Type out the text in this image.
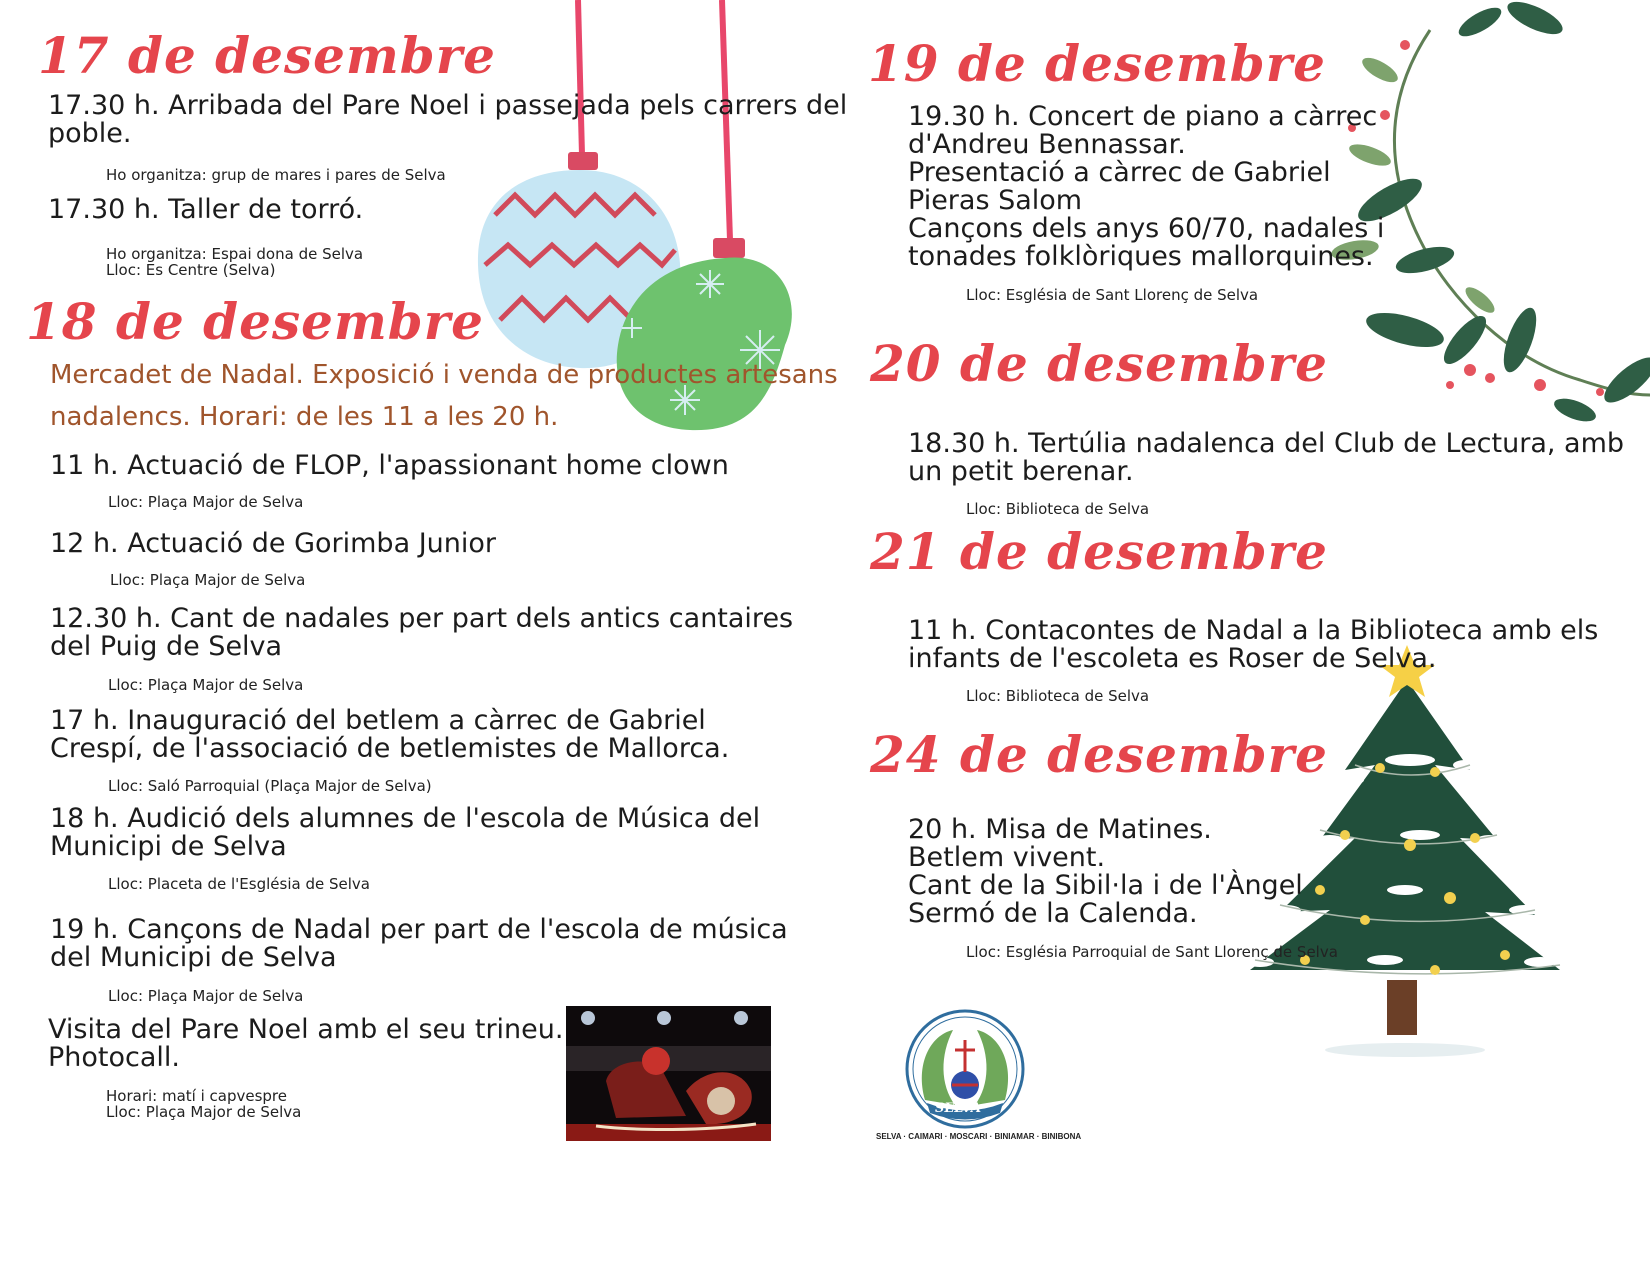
SELVA
SELVA · CAIMARI · MOSCARI · BINIAMAR · BINIBONA
17 de desembre
17.30 h. Arribada del Pare Noel i passejada pels carrers del
poble.
Ho organitza: grup de mares i pares de Selva
17.30 h. Taller de torró.
Ho organitza: Espai dona de Selva
Lloc: Es Centre (Selva)
18 de desembre
Mercadet de Nadal. Exposició i venda de productes artesans
nadalencs. Horari: de les 11 a les 20 h.
11 h. Actuació de FLOP, l'apassionant home clown
Lloc: Plaça Major de Selva
12 h. Actuació de Gorimba Junior
Lloc: Plaça Major de Selva
12.30 h. Cant de nadales per part dels antics cantaires
del Puig de Selva
Lloc: Plaça Major de Selva
17 h. Inauguració del betlem a càrrec de Gabriel
Crespí, de l'associació de betlemistes de Mallorca.
Lloc: Saló Parroquial (Plaça Major de Selva)
18 h. Audició dels alumnes de l'escola de Música del
Municipi de Selva
Lloc: Placeta de l'Església de Selva
19 h. Cançons de Nadal per part de l'escola de música
del Municipi de Selva
Lloc: Plaça Major de Selva
Visita del Pare Noel amb el seu trineu.
Photocall.
Horari: matí i capvespre
Lloc: Plaça Major de Selva
19 de desembre
19.30 h. Concert de piano a càrrec
d'Andreu Bennassar.
Presentació a càrrec de Gabriel
Pieras Salom
Cançons dels anys 60/70, nadales i
tonades folklòriques mallorquines.
Lloc: Església de Sant Llorenç de Selva
20 de desembre
18.30 h. Tertúlia nadalenca del Club de Lectura, amb
un petit berenar.
Lloc: Biblioteca de Selva
21 de desembre
11 h. Contacontes de Nadal a la Biblioteca amb els
infants de l'escoleta es Roser de Selva.
Lloc: Biblioteca de Selva
24 de desembre
20 h. Misa de Matines.
Betlem vivent.
Cant de la Sibil·la i de l'Àngel
Sermó de la Calenda.
Lloc: Església Parroquial de Sant Llorenç de Selva
